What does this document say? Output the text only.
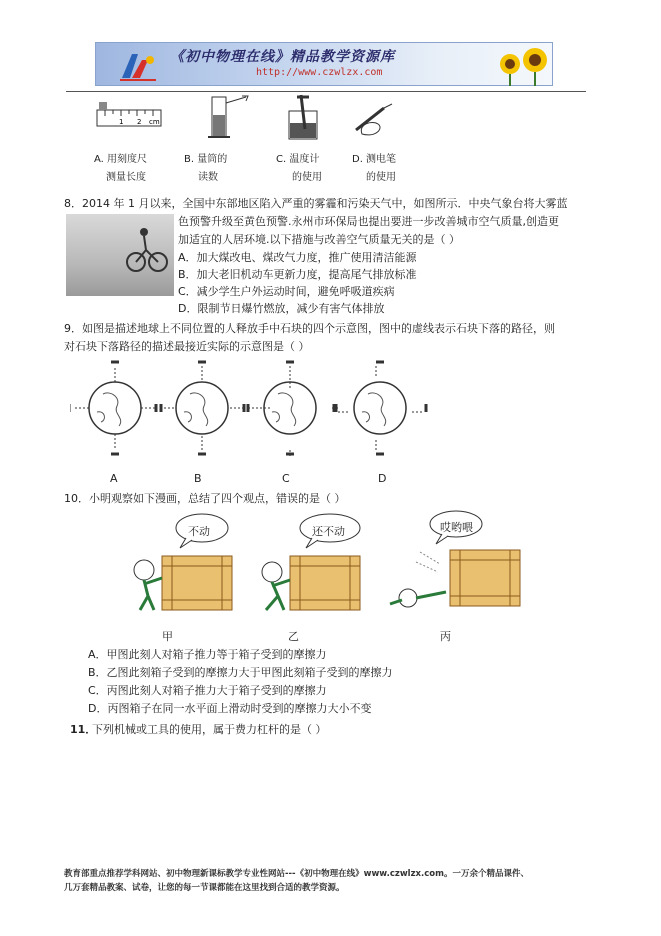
《初中物理在线》精品教学资源库
http://www.czwlzx.com
1 2 cm
A. 用刻度尺
测量长度
B. 量筒的
读数
C. 温度计
的使用
D. 测电笔
的使用
8．2014 年 1 月以来，全国中东部地区陷入严重的雾霾和污染天气中，如图所示．中央气象台将大雾蓝
色预警升级至黄色预警.永州市环保局也提出要进一步改善城市空气质量,创造更
加适宜的人居环境.以下措施与改善空气质量无关的是（ ）
A．加大煤改电、煤改气力度，推广使用清洁能源
B．加大老旧机动车更新力度，提高尾气排放标准
C．减少学生户外运动时间，避免呼吸道疾病
D．限制节日爆竹燃放，减少有害气体排放
9．如图是描述地球上不同位置的人释放手中石块的四个示意图，图中的虚线表示石块下落的路径，则
对石块下落路径的描述最接近实际的示意图是（ ）
A	B	C	D
10．小明观察如下漫画，总结了四个观点，错误的是（ ）
不动	还不动	哎哟喂
甲	乙	丙
A．甲图此刻人对箱子推力等于箱子受到的摩擦力
B．乙图此刻箱子受到的摩擦力大于甲图此刻箱子受到的摩擦力
C．丙图此刻人对箱子推力大于箱子受到的摩擦力
D．丙图箱子在同一水平面上滑动时受到的摩擦力大小不变
11．
下列机械或工具的使用，属于费力杠杆的是（ ）
教育部重点推荐学科网站、初中物理新课标教学专业性网站---《初中物理在线》www.czwlzx.com。一万余个精品课件、
几万套精品教案、试卷，让您的每一节课都能在这里找到合适的教学资源。
